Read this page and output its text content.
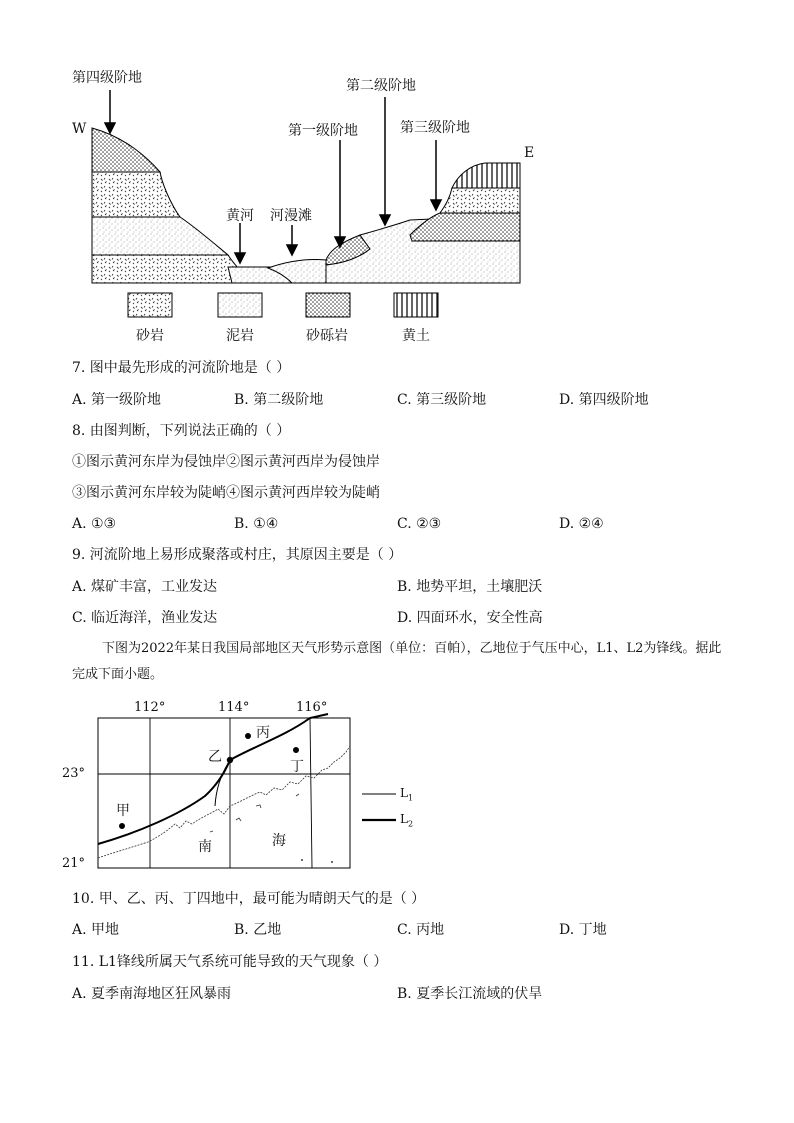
第四级阶地
W
第二级阶地
第一级阶地	第三级阶地
E
黄河 河漫滩
砂岩	泥岩	砂砾岩	黄土
7. 图中最先形成的河流阶地是（ ）
A. 第一级阶地	B. 第二级阶地	C. 第三级阶地	D. 第四级阶地
8. 由图判断，下列说法正确的（ ）
①图示黄河东岸为侵蚀岸②图示黄河西岸为侵蚀岸
③图示黄河东岸较为陡峭④图示黄河西岸较为陡峭
A. ①③	B. ①④	C. ②③	D. ②④
9. 河流阶地上易形成聚落或村庄，其原因主要是（ ）
A. 煤矿丰富，工业发达	B. 地势平坦，土壤肥沃
C. 临近海洋，渔业发达	D. 四面环水，安全性高
下图为2022年某日我国局部地区天气形势示意图（单位：百帕），乙地位于气压中心，L1、L2为锋线。据此完成下面小题。
112°	114°	116°
23°
21°
甲
乙
丙
丁
南	海
$L_1$
$L_2$
10. 甲、乙、丙、丁四地中，最可能为晴朗天气的是（ ）
A. 甲地	B. 乙地	C. 丙地	D. 丁地
11. L1锋线所属天气系统可能导致的天气现象（ ）
A. 夏季南海地区狂风暴雨	B. 夏季长江流域的伏旱
